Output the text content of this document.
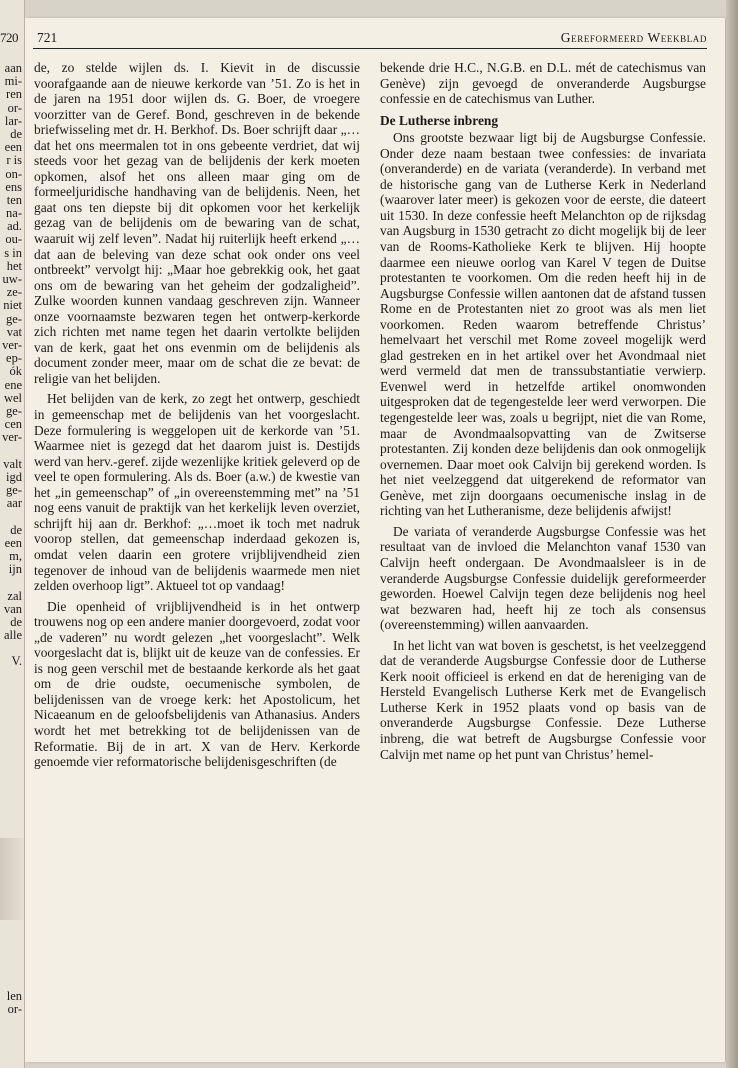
720
aan
mi-
ren
or-
lar-
de
een
r is
on-
ens
ten
na-
ad.
ou-
s in
het
uw-
ze-
niet
ge-
vat
ver-
ep-
ók
ene
wel
ge-
cen
ver-
valt
igd
ge-
aar
de
een
m,
ijn
zal
van
de
alle
V.
len
or-
721	Gereformeerd Weekblad

de, zo stelde wijlen ds. I. Kievit in de discussie voorafgaande aan de nieuwe kerkorde van ’51. Zo is het in de jaren na 1951 door wijlen ds. G. Boer, de vroegere voorzitter van de Geref. Bond, geschreven in de bekende briefwisseling met dr. H. Berkhof. Ds. Boer schrijft daar „…dat het ons meermalen tot in ons gebeente verdriet, dat wij steeds voor het gezag van de belijdenis der kerk moeten opkomen, alsof het ons alleen maar ging om de formeeljuridische handhaving van de belijdenis. Neen, het gaat ons ten diepste bij dit opkomen voor het kerkelijk gezag van de belijdenis om de bewaring van de schat, waaruit wij zelf leven”. Nadat hij ruiterlijk heeft erkend „…dat aan de beleving van deze schat ook onder ons veel ontbreekt” vervolgt hij: „Maar hoe gebrekkig ook, het gaat ons om de bewaring van het geheim der godzaligheid”. Zulke woorden kunnen vandaag geschreven zijn. Wanneer onze voornaamste bezwaren tegen het ontwerp-kerkorde zich richten met name tegen het daarin vertolkte belijden van de kerk, gaat het ons evenmin om de belijdenis als document zonder meer, maar om de schat die ze bevat: de religie van het belijden.

Het belijden van de kerk, zo zegt het ontwerp, geschiedt in gemeenschap met de belijdenis van het voorgeslacht. Deze formulering is weggelopen uit de kerkorde van ’51. Waarmee niet is gezegd dat het daarom juist is. Destijds werd van herv.-geref. zijde wezenlijke kritiek geleverd op de veel te open formulering. Als ds. Boer (a.w.) de kwestie van het „in gemeenschap” of „in overeenstemming met” na ’51 nog eens vanuit de praktijk van het kerkelijk leven overziet, schrijft hij aan dr. Berkhof: „…moet ik toch met nadruk voorop stellen, dat gemeenschap inderdaad gekozen is, omdat velen daarin een grotere vrijblijvendheid zien tegenover de inhoud van de belijdenis waarmede men niet zelden overhoop ligt”. Aktueel tot op vandaag!

Die openheid of vrijblijvendheid is in het ontwerp trouwens nog op een andere manier doorgevoerd, zodat voor „de vaderen” nu wordt gelezen „het voorgeslacht”. Welk voorgeslacht dat is, blijkt uit de keuze van de confessies. Er is nog geen verschil met de bestaande kerkorde als het gaat om de drie oudste, oecumenische symbolen, de belijdenissen van de vroege kerk: het Apostolicum, het Nicaeanum en de geloofsbelijdenis van Athanasius. Anders wordt het met betrekking tot de belijdenissen van de Reformatie. Bij de in art. X van de Herv. Kerkorde genoemde vier reformatorische belijdenisgeschriften (de

bekende drie H.C., N.G.B. en D.L. mét de catechismus van Genève) zijn gevoegd de onveranderde Augsburgse confessie en de catechismus van Luther.

De Lutherse inbreng

Ons grootste bezwaar ligt bij de Augsburgse Confessie. Onder deze naam bestaan twee confessies: de invariata (onveranderde) en de variata (veranderde). In verband met de historische gang van de Lutherse Kerk in Nederland (waarover later meer) is gekozen voor de eerste, die dateert uit 1530. In deze confessie heeft Melanchton op de rijksdag van Augsburg in 1530 getracht zo dicht mogelijk bij de leer van de Rooms-Katholieke Kerk te blijven. Hij hoopte daarmee een nieuwe oorlog van Karel V tegen de Duitse protestanten te voorkomen. Om die reden heeft hij in de Augsburgse Confessie willen aantonen dat de afstand tussen Rome en de Protestanten niet zo groot was als men liet voorkomen. Reden waarom betreffende Christus’ hemelvaart het verschil met Rome zoveel mogelijk werd glad gestreken en in het artikel over het Avondmaal niet werd vermeld dat men de transsubstantiatie verwierp. Evenwel werd in hetzelfde artikel onomwonden uitgesproken dat de tegengestelde leer werd verworpen. Die tegengestelde leer was, zoals u begrijpt, niet die van Rome, maar de Avondmaalsopvatting van de Zwitserse protestanten. Zij konden deze belijdenis dan ook onmogelijk overnemen. Daar moet ook Calvijn bij gerekend worden. Is het niet veelzeggend dat uitgerekend de reformator van Genève, met zijn doorgaans oecumenische inslag in de richting van het Lutheranisme, deze belijdenis afwijst!

De variata of veranderde Augsburgse Confessie was het resultaat van de invloed die Melanchton vanaf 1530 van Calvijn heeft ondergaan. De Avondmaalsleer is in de veranderde Augsburgse Confessie duidelijk gereformeerder geworden. Hoewel Calvijn tegen deze belijdenis nog heel wat bezwaren had, heeft hij ze toch als consensus (overeenstemming) willen aanvaarden.

In het licht van wat boven is geschetst, is het veelzeggend dat de veranderde Augsburgse Confessie door de Lutherse Kerk nooit officieel is erkend en dat de hereniging van de Hersteld Evangelisch Lutherse Kerk met de Evangelisch Lutherse Kerk in 1952 plaats vond op basis van de onveranderde Augsburgse Confessie. Deze Lutherse inbreng, die wat betreft de Augsburgse Confessie voor Calvijn met name op het punt van Christus’ hemel-
